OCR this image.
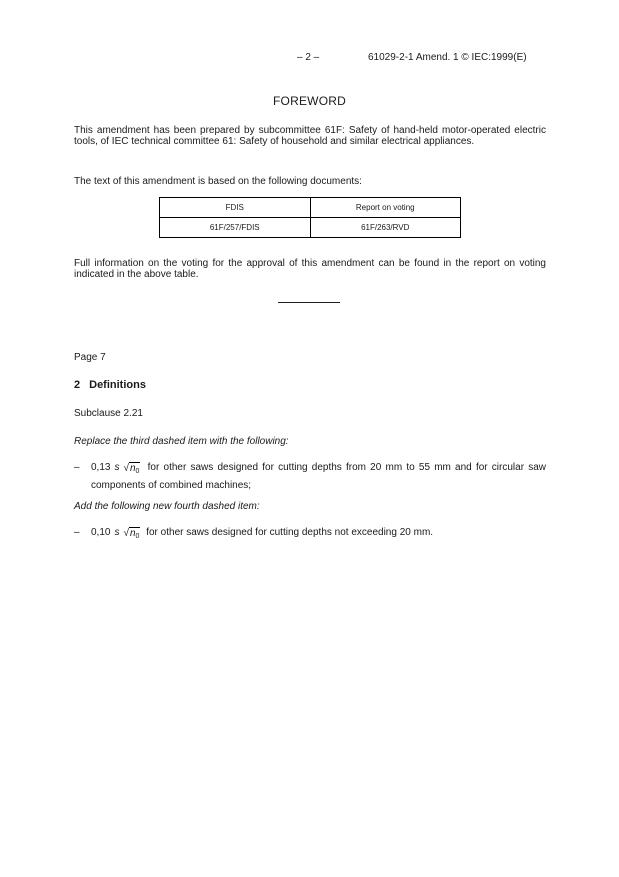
– 2 –	61029-2-1 Amend. 1 © IEC:1999(E)
FOREWORD
This amendment has been prepared by subcommittee 61F: Safety of hand-held motor-operated electric tools, of IEC technical committee 61: Safety of household and similar electrical appliances.
The text of this amendment is based on the following documents:
FDIS	Report on voting
61F/257/FDIS	61F/263/RVD
Full information on the voting for the approval of this amendment can be found in the report on voting indicated in the above table.
Page 7
2 Definitions
Subclause 2.21
Replace the third dashed item with the following:
– 0,13 s $√n_0$ for other saws designed for cutting depths from 20 mm to 55 mm and for circular saw components of combined machines;
Add the following new fourth dashed item:
– 0,10 s $√n_0$ for other saws designed for cutting depths not exceeding 20 mm.
